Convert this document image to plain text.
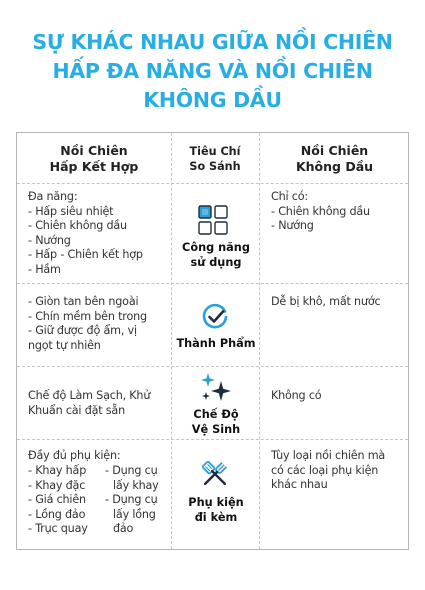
SỰ KHÁC NHAU GIỮA NỒI CHIÊN
HẤP ĐA NĂNG VÀ NỒI CHIÊN
KHÔNG DẦU
Nồi Chiên
Hấp Kết Hợp
Tiêu Chí
So Sánh
Nồi Chiên
Không Dầu
Đa năng:
- Hấp siêu nhiệt
- Chiên không dầu
- Nướng
- Hấp - Chiên kết hợp
- Hầm
Công năng
sử dụng
Chỉ có:
- Chiên không dầu
- Nướng
- Giòn tan bên ngoài
- Chín mềm bên trong
- Giữ được độ ẩm, vị
ngọt tự nhiên	Thành Phẩm
Dễ bị khô, mất nước
Chế độ Làm Sạch, Khử
Khuẩn cài đặt sẵn	Chế Độ
Vệ Sinh
Không có
Đầy đủ phụ kiện:
- Khay hấp
- Khay đặc
- Giá chiên
- Lồng đảo
- Trục quay
- Dụng cụ
lấy khay
- Dụng cụ
lấy lồng
đảo
Phụ kiện
đi kèm
Tùy loại nồi chiên mà
có các loại phụ kiện
khác nhau
